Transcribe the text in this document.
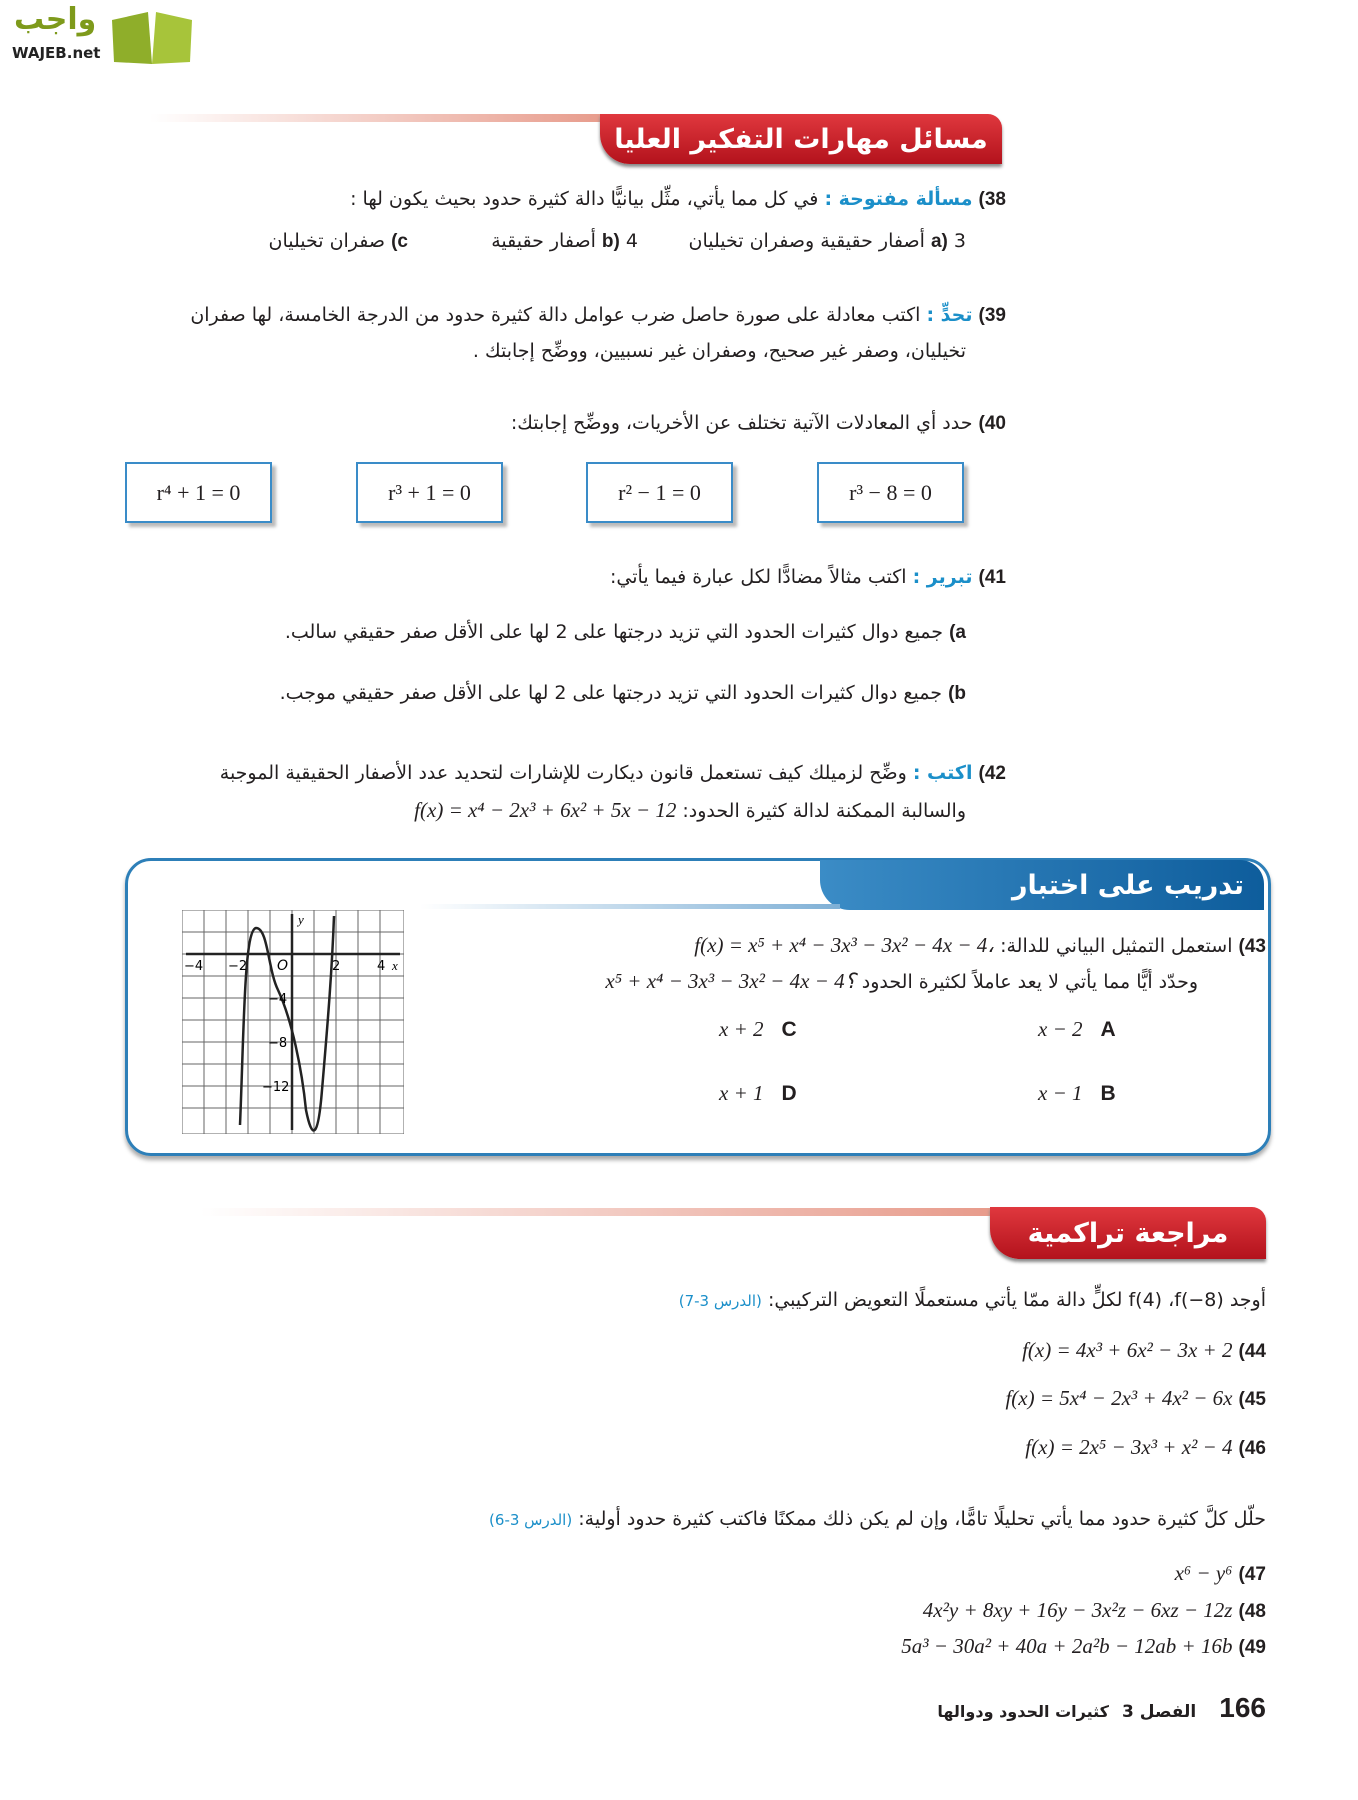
واجب
WAJEB.net
مسائل مهارات التفكير العليا
38) مسألة مفتوحة : في كل مما يأتي، مثِّل بيانيًّا دالة كثيرة حدود بحيث يكون لها :
a) 3 أصفار حقيقية وصفران تخيليان
b) 4 أصفار حقيقية
c) صفران تخيليان
39) تحدٍّ : اكتب معادلة على صورة حاصل ضرب عوامل دالة كثيرة حدود من الدرجة الخامسة، لها صفران
تخيليان، وصفر غير صحيح، وصفران غير نسبيين، ووضِّح إجابتك .
40) حدد أي المعادلات الآتية تختلف عن الأخريات، ووضِّح إجابتك:
r³ − 8 = 0
r² − 1 = 0
r³ + 1 = 0
r⁴ + 1 = 0
41) تبرير : اكتب مثالاً مضادًّا لكل عبارة فيما يأتي:
a) جميع دوال كثيرات الحدود التي تزيد درجتها على 2 لها على الأقل صفر حقيقي سالب.
b) جميع دوال كثيرات الحدود التي تزيد درجتها على 2 لها على الأقل صفر حقيقي موجب.
42) اكتب : وضِّح لزميلك كيف تستعمل قانون ديكارت للإشارات لتحديد عدد الأصفار الحقيقية الموجبة
والسالبة الممكنة لدالة كثيرة الحدود: f(x) = x⁴ − 2x³ + 6x² + 5x − 12
تدريب على اختبار
y
x
O
−4 −2	2	4
−4
−8
−12
43) استعمل التمثيل البياني للدالة: f(x) = x⁵ + x⁴ − 3x³ − 3x² − 4x − 4،
وحدّد أيًّا مما يأتي لا يعد عاملاً لكثيرة الحدود x⁵ + x⁴ − 3x³ − 3x² − 4x − 4؟
x − 2 A
x − 1 B
x + 2 C
x + 1 D
مراجعة تراكمية
أوجد f(4) ،f(−8) لكلٍّ دالة ممّا يأتي مستعملًا التعويض التركيبي: (الدرس 3-7)
44) f(x) = 4x³ + 6x² − 3x + 2
45) f(x) = 5x⁴ − 2x³ + 4x² − 6x
46) f(x) = 2x⁵ − 3x³ + x² − 4
حلّل كلَّ كثيرة حدود مما يأتي تحليلًا تامًّا، وإن لم يكن ذلك ممكنًا فاكتب كثيرة حدود أولية: (الدرس 3-6)
47) x⁶ − y⁶
48) 4x²y + 8xy + 16y − 3x²z − 6xz − 12z
49) 5a³ − 30a² + 40a + 2a²b − 12ab + 16b
166 الفصل 3 كثيرات الحدود ودوالها
